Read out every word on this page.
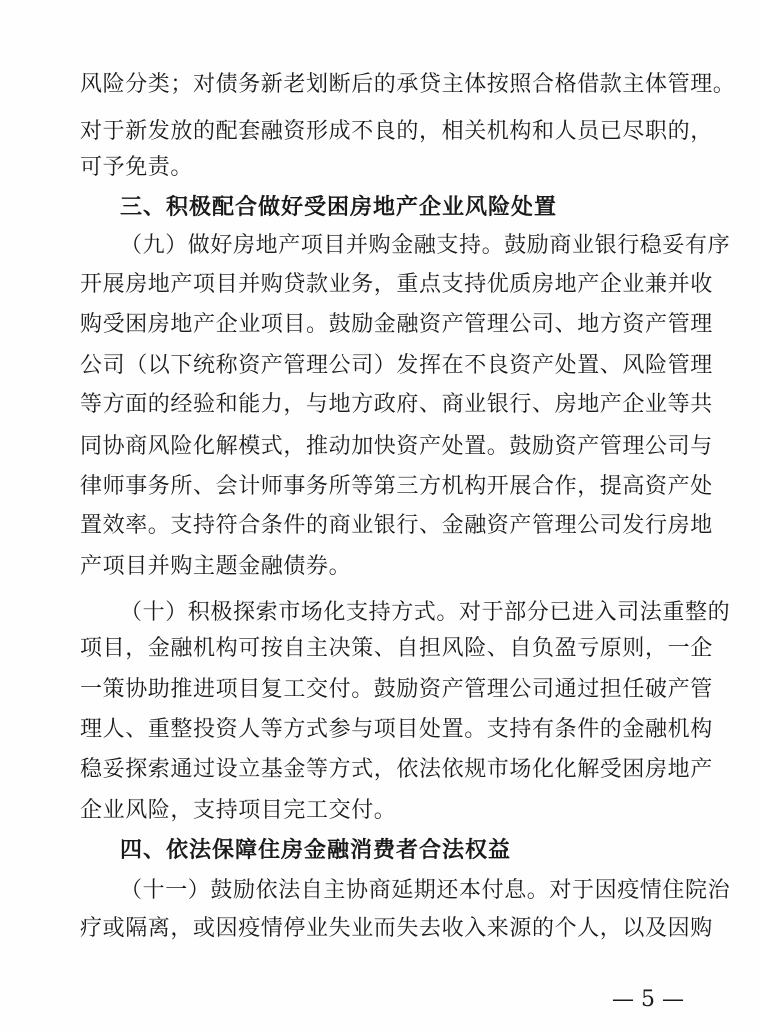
风险分类；对债务新老划断后的承贷主体按照合格借款主体管理。
对于新发放的配套融资形成不良的，相关机构和人员已尽职的，
可予免责。
三、积极配合做好受困房地产企业风险处置
（九）做好房地产项目并购金融支持。鼓励商业银行稳妥有序
开展房地产项目并购贷款业务，重点支持优质房地产企业兼并收
购受困房地产企业项目。鼓励金融资产管理公司、地方资产管理
公司（以下统称资产管理公司）发挥在不良资产处置、风险管理
等方面的经验和能力，与地方政府、商业银行、房地产企业等共
同协商风险化解模式，推动加快资产处置。鼓励资产管理公司与
律师事务所、会计师事务所等第三方机构开展合作，提高资产处
置效率。支持符合条件的商业银行、金融资产管理公司发行房地
产项目并购主题金融债券。
（十）积极探索市场化支持方式。对于部分已进入司法重整的
项目，金融机构可按自主决策、自担风险、自负盈亏原则，一企
一策协助推进项目复工交付。鼓励资产管理公司通过担任破产管
理人、重整投资人等方式参与项目处置。支持有条件的金融机构
稳妥探索通过设立基金等方式，依法依规市场化化解受困房地产
企业风险，支持项目完工交付。
四、依法保障住房金融消费者合法权益
（十一）鼓励依法自主协商延期还本付息。对于因疫情住院治
疗或隔离，或因疫情停业失业而失去收入来源的个人，以及因购
— 5 —
